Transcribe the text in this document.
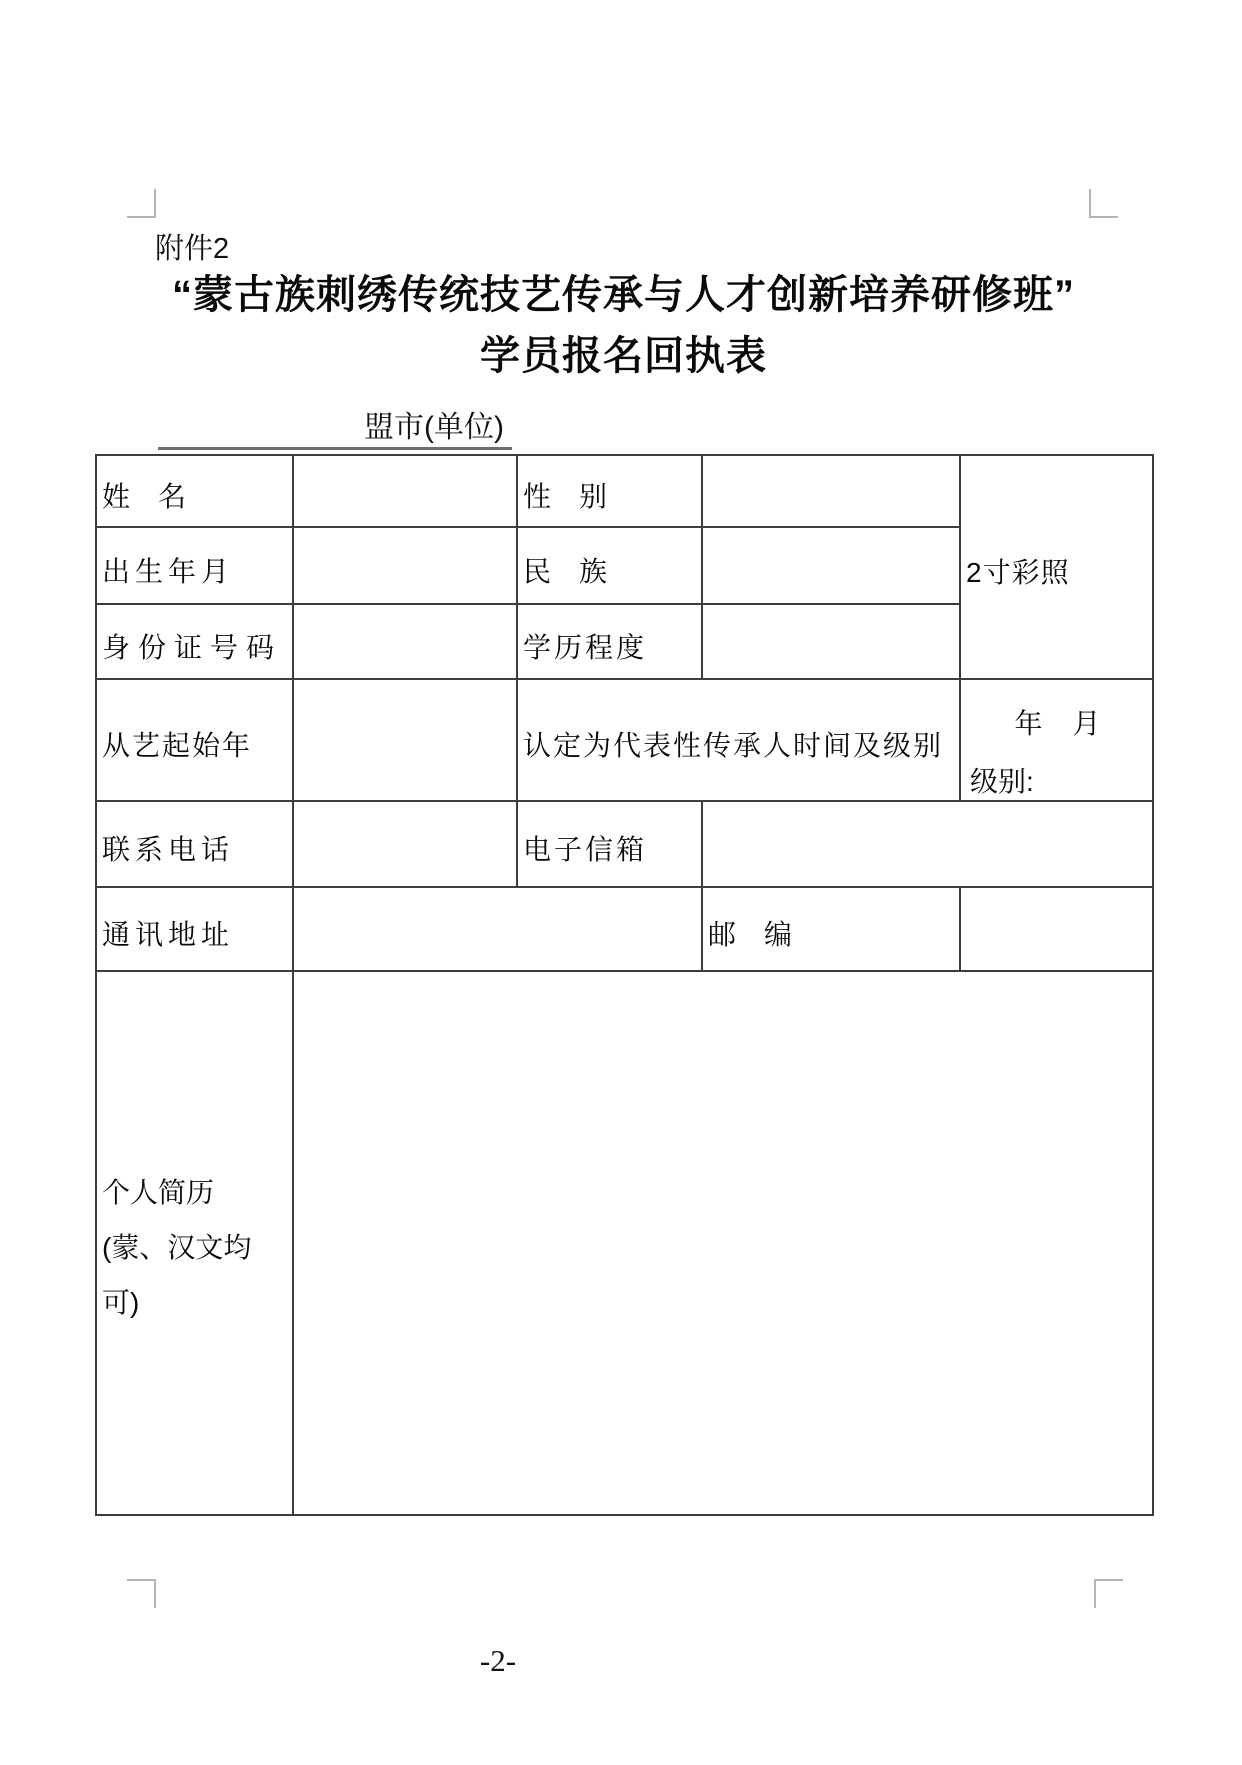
附件2
“蒙古族刺绣传统技艺传承与人才创新培养研修班”
学员报名回执表
盟市(单位)
姓　名		性　别		2寸彩照
出生年月		民　族		
身份证号码		学历程度		
从艺起始年		认定为代表性传承人时间及级别		年　月
级别:

联系电话		电子信箱		
通讯地址			邮　编	

个人简历
(蒙、汉文均
可)				

-2-
